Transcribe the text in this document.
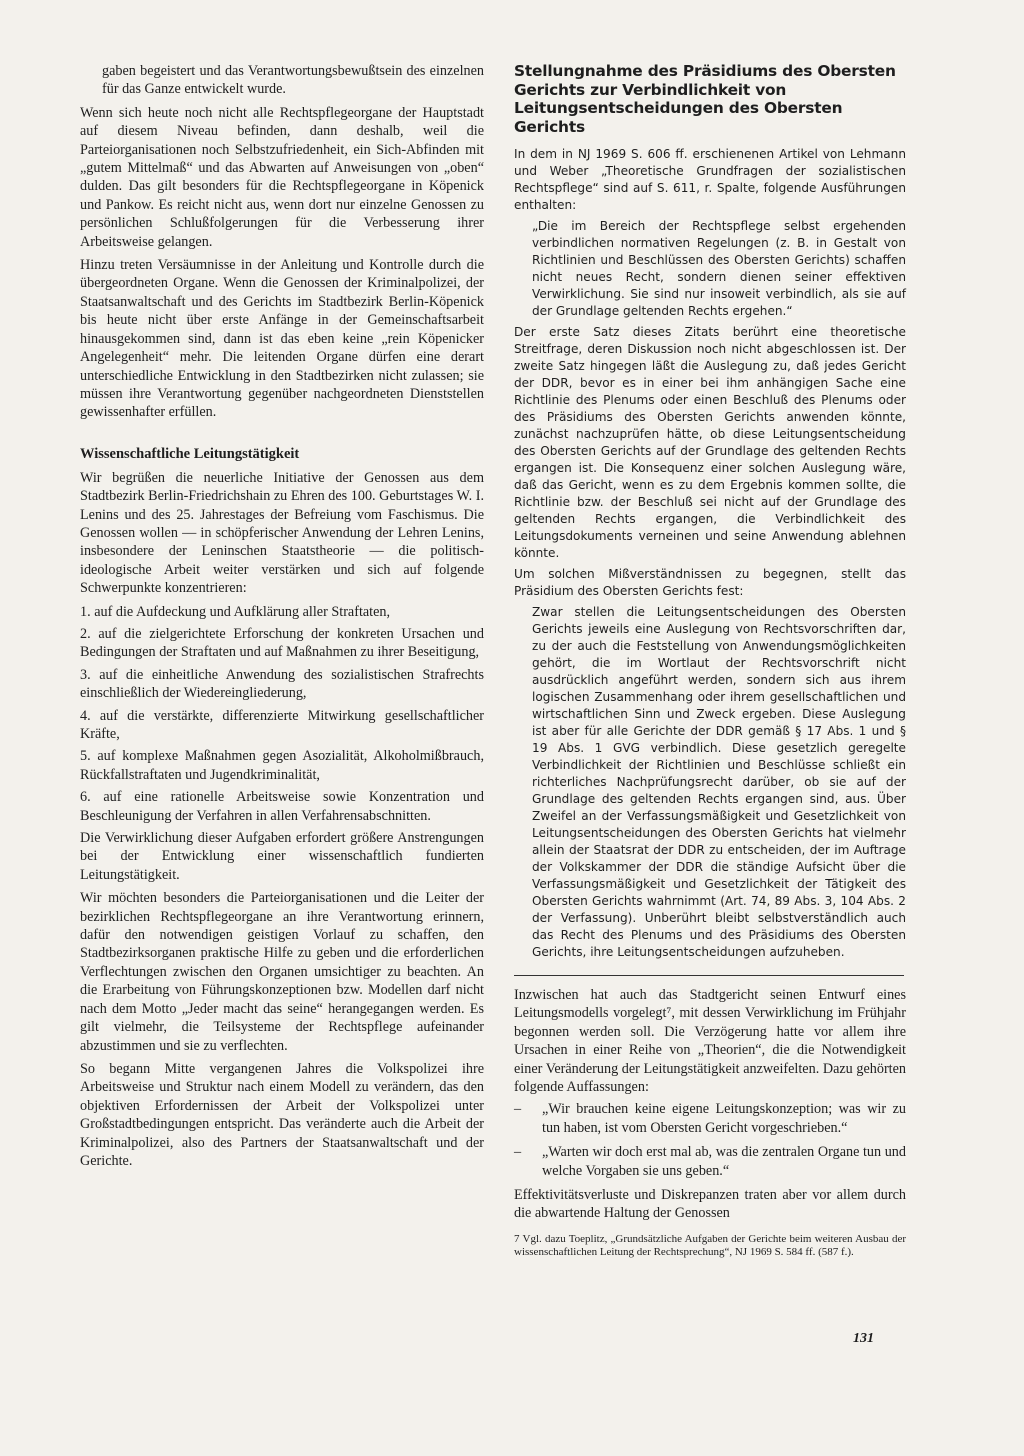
gaben begeistert und das Verantwortungsbewußtsein des einzelnen für das Ganze entwickelt wurde.

Wenn sich heute noch nicht alle Rechtspflegeorgane der Hauptstadt auf diesem Niveau befinden, dann deshalb, weil die Parteiorganisationen noch Selbstzufriedenheit, ein Sich-Abfinden mit „gutem Mittelmaß“ und das Abwarten auf Anweisungen von „oben“ dulden. Das gilt besonders für die Rechtspflegeorgane in Köpenick und Pankow. Es reicht nicht aus, wenn dort nur einzelne Genossen zu persönlichen Schlußfolgerungen für die Verbesserung ihrer Arbeitsweise gelangen.

Hinzu treten Versäumnisse in der Anleitung und Kontrolle durch die übergeordneten Organe. Wenn die Genossen der Kriminalpolizei, der Staatsanwaltschaft und des Gerichts im Stadtbezirk Berlin-Köpenick bis heute nicht über erste Anfänge in der Gemeinschaftsarbeit hinausgekommen sind, dann ist das eben keine „rein Köpenicker Angelegenheit“ mehr. Die leitenden Organe dürfen eine derart unterschiedliche Entwicklung in den Stadtbezirken nicht zulassen; sie müssen ihre Verantwortung gegenüber nachgeordneten Dienststellen gewissenhafter erfüllen.

Wissenschaftliche Leitungstätigkeit

Wir begrüßen die neuerliche Initiative der Genossen aus dem Stadtbezirk Berlin-Friedrichshain zu Ehren des 100. Geburtstages W. I. Lenins und des 25. Jahrestages der Befreiung vom Faschismus. Die Genossen wollen — in schöpferischer Anwendung der Lehren Lenins, insbesondere der Leninschen Staatstheorie — die politisch-ideologische Arbeit weiter verstärken und sich auf folgende Schwerpunkte konzentrieren:

1. auf die Aufdeckung und Aufklärung aller Straftaten,
2. auf die zielgerichtete Erforschung der konkreten Ursachen und Bedingungen der Straftaten und auf Maßnahmen zu ihrer Beseitigung,
3. auf die einheitliche Anwendung des sozialistischen Strafrechts einschließlich der Wiedereingliederung,
4. auf die verstärkte, differenzierte Mitwirkung gesellschaftlicher Kräfte,
5. auf komplexe Maßnahmen gegen Asozialität, Alkoholmißbrauch, Rückfallstraftaten und Jugendkriminalität,
6. auf eine rationelle Arbeitsweise sowie Konzentration und Beschleunigung der Verfahren in allen Verfahrensabschnitten.

Die Verwirklichung dieser Aufgaben erfordert größere Anstrengungen bei der Entwicklung einer wissenschaftlich fundierten Leitungstätigkeit.

Wir möchten besonders die Parteiorganisationen und die Leiter der bezirklichen Rechtspflegeorgane an ihre Verantwortung erinnern, dafür den notwendigen geistigen Vorlauf zu schaffen, den Stadtbezirksorganen praktische Hilfe zu geben und die erforderlichen Verflechtungen zwischen den Organen umsichtiger zu beachten. An die Erarbeitung von Führungskonzeptionen bzw. Modellen darf nicht nach dem Motto „Jeder macht das seine“ herangegangen werden. Es gilt vielmehr, die Teilsysteme der Rechtspflege aufeinander abzustimmen und sie zu verflechten.

So begann Mitte vergangenen Jahres die Volkspolizei ihre Arbeitsweise und Struktur nach einem Modell zu verändern, das den objektiven Erfordernissen der Arbeit der Volkspolizei unter Großstadtbedingungen entspricht. Das veränderte auch die Arbeit der Kriminalpolizei, also des Partners der Staatsanwaltschaft und der Gerichte.

Stellungnahme des Präsidiums des Obersten Gerichts zur Verbindlichkeit von Leitungsentscheidungen des Obersten Gerichts

In dem in NJ 1969 S. 606 ff. erschienenen Artikel von Lehmann und Weber „Theoretische Grundfragen der sozialistischen Rechtspflege“ sind auf S. 611, r. Spalte, folgende Ausführungen enthalten:

„Die im Bereich der Rechtspflege selbst ergehenden verbindlichen normativen Regelungen (z. B. in Gestalt von Richtlinien und Beschlüssen des Obersten Gerichts) schaffen nicht neues Recht, sondern dienen seiner effektiven Verwirklichung. Sie sind nur insoweit verbindlich, als sie auf der Grundlage geltenden Rechts ergehen.“

Der erste Satz dieses Zitats berührt eine theoretische Streitfrage, deren Diskussion noch nicht abgeschlossen ist. Der zweite Satz hingegen läßt die Auslegung zu, daß jedes Gericht der DDR, bevor es in einer bei ihm anhängigen Sache eine Richtlinie des Plenums oder einen Beschluß des Plenums oder des Präsidiums des Obersten Gerichts anwenden könnte, zunächst nachzuprüfen hätte, ob diese Leitungsentscheidung des Obersten Gerichts auf der Grundlage des geltenden Rechts ergangen ist. Die Konsequenz einer solchen Auslegung wäre, daß das Gericht, wenn es zu dem Ergebnis kommen sollte, die Richtlinie bzw. der Beschluß sei nicht auf der Grundlage des geltenden Rechts ergangen, die Verbindlichkeit des Leitungsdokuments verneinen und seine Anwendung ablehnen könnte.

Um solchen Mißverständnissen zu begegnen, stellt das Präsidium des Obersten Gerichts fest:

Zwar stellen die Leitungsentscheidungen des Obersten Gerichts jeweils eine Auslegung von Rechtsvorschriften dar, zu der auch die Feststellung von Anwendungsmöglichkeiten gehört, die im Wortlaut der Rechtsvorschrift nicht ausdrücklich angeführt werden, sondern sich aus ihrem logischen Zusammenhang oder ihrem gesellschaftlichen und wirtschaftlichen Sinn und Zweck ergeben. Diese Auslegung ist aber für alle Gerichte der DDR gemäß § 17 Abs. 1 und § 19 Abs. 1 GVG verbindlich. Diese gesetzlich geregelte Verbindlichkeit der Richtlinien und Beschlüsse schließt ein richterliches Nachprüfungsrecht darüber, ob sie auf der Grundlage des geltenden Rechts ergangen sind, aus. Über Zweifel an der Verfassungsmäßigkeit und Gesetzlichkeit von Leitungsentscheidungen des Obersten Gerichts hat vielmehr allein der Staatsrat der DDR zu entscheiden, der im Auftrage der Volkskammer der DDR die ständige Aufsicht über die Verfassungsmäßigkeit und Gesetzlichkeit der Tätigkeit des Obersten Gerichts wahrnimmt (Art. 74, 89 Abs. 3, 104 Abs. 2 der Verfassung). Unberührt bleibt selbstverständlich auch das Recht des Plenums und des Präsidiums des Obersten Gerichts, ihre Leitungsentscheidungen aufzuheben.

Inzwischen hat auch das Stadtgericht seinen Entwurf eines Leitungsmodells vorgelegt⁷, mit dessen Verwirklichung im Frühjahr begonnen werden soll. Die Verzögerung hatte vor allem ihre Ursachen in einer Reihe von „Theorien“, die die Notwendigkeit einer Veränderung der Leitungstätigkeit anzweifelten. Dazu gehörten folgende Auffassungen:

–	„Wir brauchen keine eigene Leitungskonzeption; was wir zu tun haben, ist vom Obersten Gericht vorgeschrieben.“
–	„Warten wir doch erst mal ab, was die zentralen Organe tun und welche Vorgaben sie uns geben.“

Effektivitätsverluste und Diskrepanzen traten aber vor allem durch die abwartende Haltung der Genossen

7 Vgl. dazu Toeplitz, „Grundsätzliche Aufgaben der Gerichte beim weiteren Ausbau der wissenschaftlichen Leitung der Rechtsprechung“, NJ 1969 S. 584 ff. (587 f.).
131
